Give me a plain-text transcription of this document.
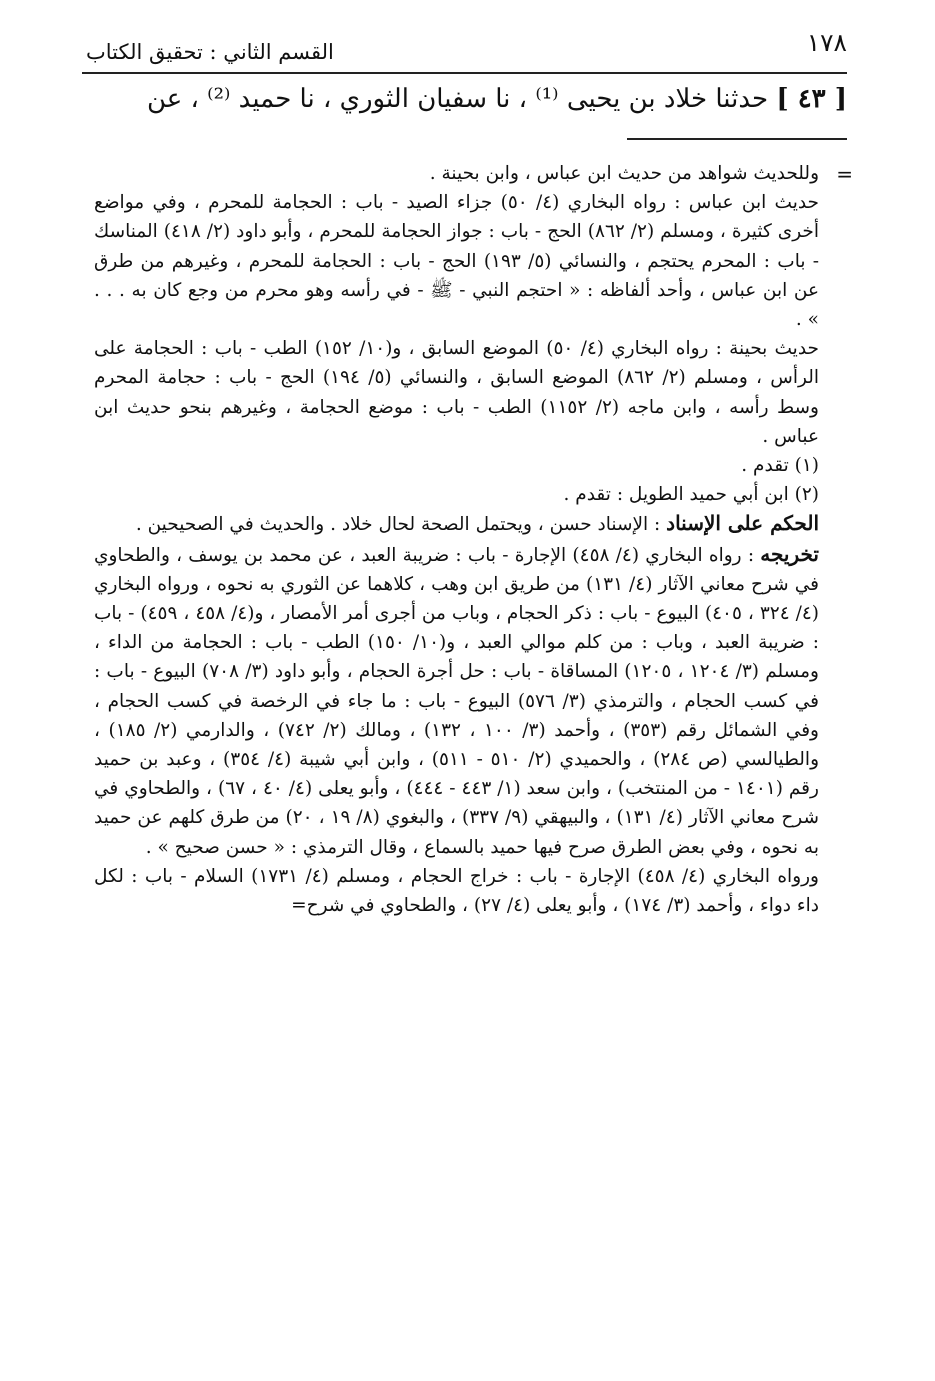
١٧٨
القسم الثاني : تحقيق الكتاب
[ ٤٣ ] حدثنا خلاد بن يحيى ⁽¹⁾ ، نا سفيان الثوري ، نا حميد ⁽²⁾ ، عن
=

وللحديث شواهد من حديث ابن عباس ، وابن بحينة .

حديث ابن عباس : رواه البخاري (٤/ ٥٠) جزاء الصيد - باب : الحجامة للمحرم ، وفي مواضع أخرى كثيرة ، ومسلم (٢/ ٨٦٢) الحج - باب : جواز الحجامة للمحرم ، وأبو داود (٢/ ٤١٨) المناسك - باب : المحرم يحتجم ، والنسائي (٥/ ١٩٣) الحج - باب : الحجامة للمحرم ، وغيرهم من طرق عن ابن عباس ، وأحد ألفاظه : « احتجم النبي - ﷺ - في رأسه وهو محرم من وجع كان به . . . » .

حديث بحينة : رواه البخاري (٤/ ٥٠) الموضع السابق ، و(١٠/ ١٥٢) الطب - باب : الحجامة على الرأس ، ومسلم (٢/ ٨٦٢) الموضع السابق ، والنسائي (٥/ ١٩٤) الحج - باب : حجامة المحرم وسط رأسه ، وابن ماجه (٢/ ١١٥٢) الطب - باب : موضع الحجامة ، وغيرهم بنحو حديث ابن عباس .

(١) تقدم .

(٢) ابن أبي حميد الطويل : تقدم .

الحكم على الإسناد : الإسناد حسن ، ويحتمل الصحة لحال خلاد . والحديث في الصحيحين .

تخريجه : رواه البخاري (٤/ ٤٥٨) الإجارة - باب : ضريبة العبد ، عن محمد بن يوسف ، والطحاوي في شرح معاني الآثار (٤/ ١٣١) من طريق ابن وهب ، كلاهما عن الثوري به نحوه ، ورواه البخاري (٤/ ٣٢٤ ، ٤٠٥) البيوع - باب : ذكر الحجام ، وباب من أجرى أمر الأمصار ، و(٤/ ٤٥٨ ، ٤٥٩) - باب : ضريبة العبد ، وباب : من كلم موالي العبد ، و(١٠/ ١٥٠) الطب - باب : الحجامة من الداء ، ومسلم (٣/ ١٢٠٤ ، ١٢٠٥) المساقاة - باب : حل أجرة الحجام ، وأبو داود (٣/ ٧٠٨) البيوع - باب : في كسب الحجام ، والترمذي (٣/ ٥٧٦) البيوع - باب : ما جاء في الرخصة في كسب الحجام ، وفي الشمائل رقم (٣٥٣) ، وأحمد (٣/ ١٠٠ ، ١٣٢) ، ومالك (٢/ ٧٤٢) ، والدارمي (٢/ ١٨٥) ، والطيالسي (ص ٢٨٤) ، والحميدي (٢/ ٥١٠ - ٥١١) ، وابن أبي شيبة (٤/ ٣٥٤) ، وعبد بن حميد رقم (١٤٠١ - من المنتخب) ، وابن سعد (١/ ٤٤٣ - ٤٤٤) ، وأبو يعلى (٤/ ٤٠ ، ٦٧) ، والطحاوي في شرح معاني الآثار (٤/ ١٣١) ، والبيهقي (٩/ ٣٣٧) ، والبغوي (٨/ ١٩ ، ٢٠) من طرق كلهم عن حميد به نحوه ، وفي بعض الطرق صرح فيها حميد بالسماع ، وقال الترمذي : « حسن صحيح » .

ورواه البخاري (٤/ ٤٥٨) الإجارة - باب : خراج الحجام ، ومسلم (٤/ ١٧٣١) السلام - باب : لكل داء دواء ، وأحمد (٣/ ١٧٤) ، وأبو يعلى (٤/ ٢٧) ، والطحاوي في شرح=
